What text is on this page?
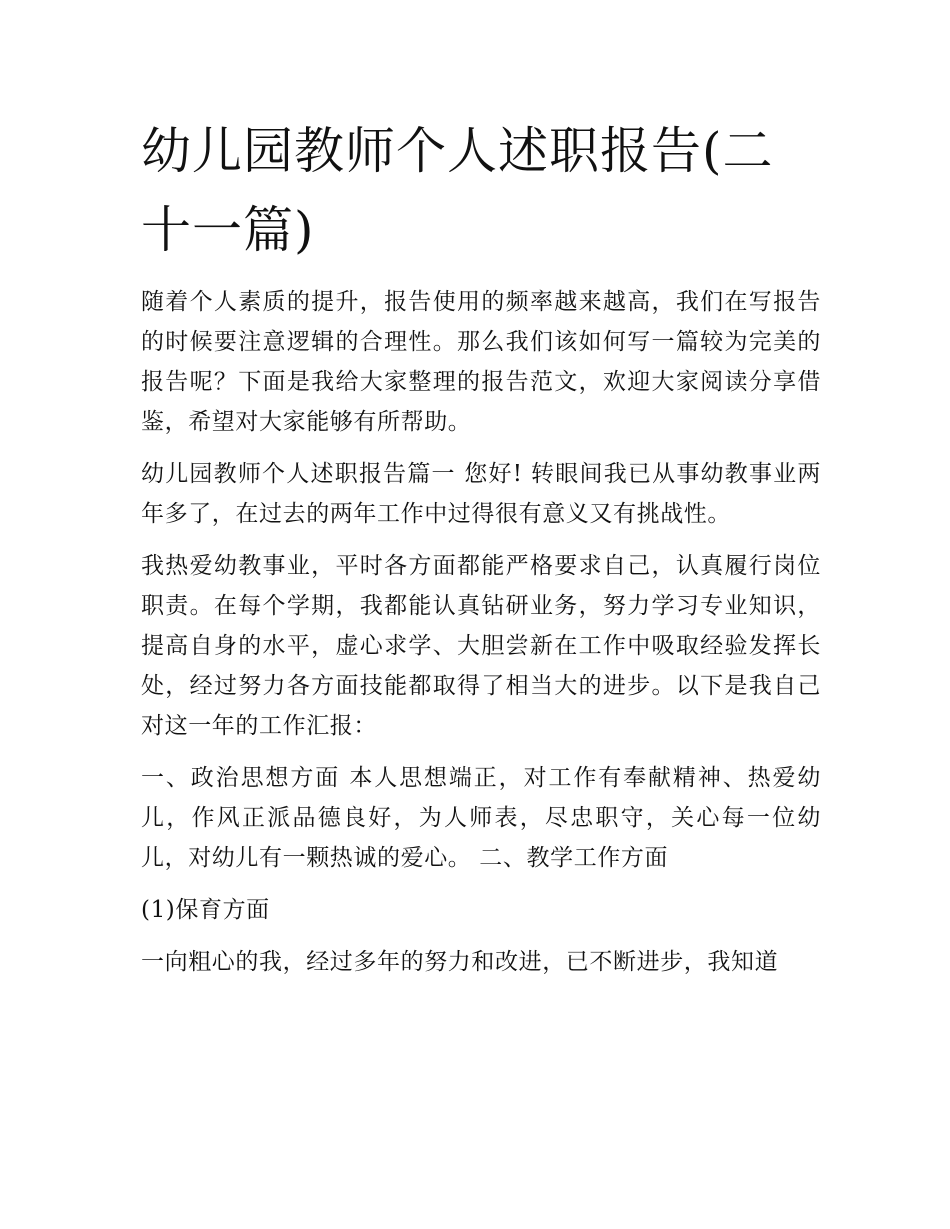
幼儿园教师个人述职报告(二十一篇)

随着个人素质的提升，报告使用的频率越来越高，我们在写报告的时候要注意逻辑的合理性。那么我们该如何写一篇较为完美的报告呢？下面是我给大家整理的报告范文，欢迎大家阅读分享借鉴，希望对大家能够有所帮助。

幼儿园教师个人述职报告篇一 您好! 转眼间我已从事幼教事业两年多了，在过去的两年工作中过得很有意义又有挑战性。

我热爱幼教事业，平时各方面都能严格要求自己，认真履行岗位职责。在每个学期，我都能认真钻研业务，努力学习专业知识，提高自身的水平，虚心求学、大胆尝新在工作中吸取经验发挥长处，经过努力各方面技能都取得了相当大的进步。以下是我自己对这一年的工作汇报：

一、政治思想方面 本人思想端正，对工作有奉献精神、热爱幼儿，作风正派品德良好，为人师表，尽忠职守，关心每一位幼儿，对幼儿有一颗热诚的爱心。 二、教学工作方面

(1)保育方面

一向粗心的我，经过多年的努力和改进，已不断进步，我知道
